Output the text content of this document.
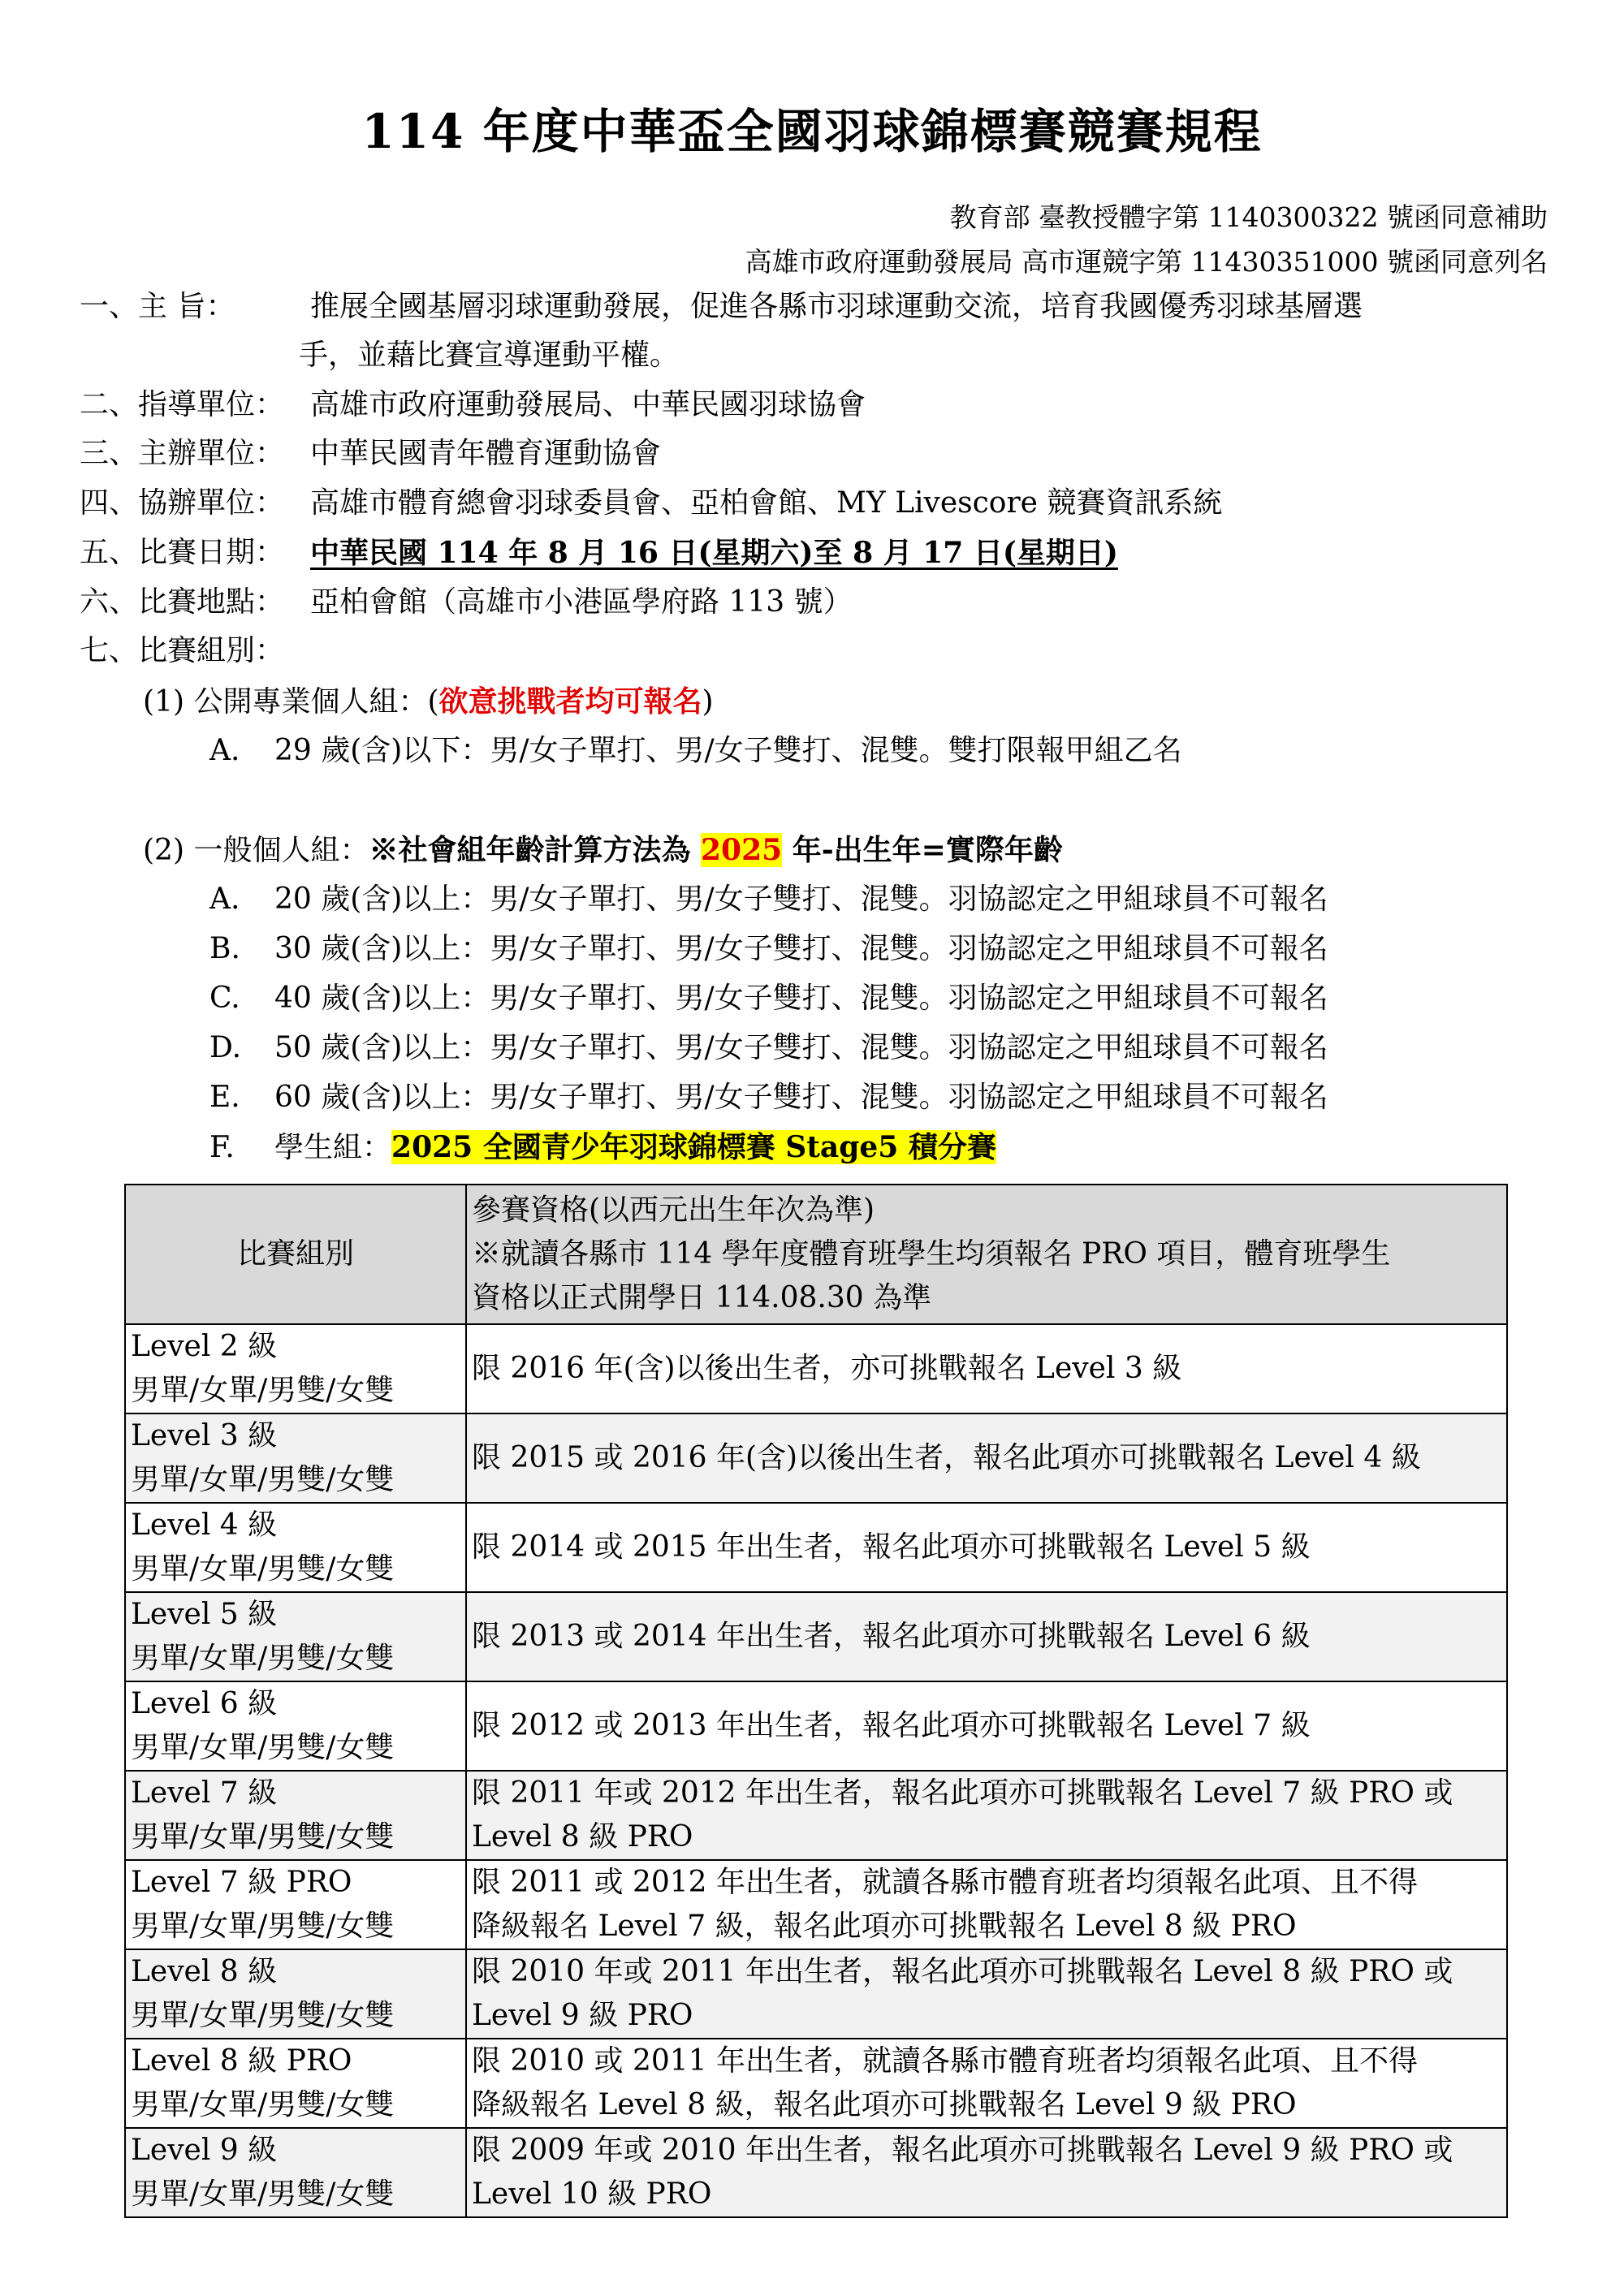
114 年度中華盃全國羽球錦標賽競賽規程
教育部 臺教授體字第 1140300322 號函同意補助
高雄市政府運動發展局 高市運競字第 11430351000 號函同意列名
一、主 旨：	推展全國基層羽球運動發展，促進各縣市羽球運動交流，培育我國優秀羽球基層選
手，並藉比賽宣導運動平權。
二、指導單位： 高雄市政府運動發展局、中華民國羽球協會
三、主辦單位： 中華民國青年體育運動協會
四、協辦單位： 高雄市體育總會羽球委員會、亞柏會館、MY Livescore 競賽資訊系統
五、比賽日期： 中華民國 114 年 8 月 16 日(星期六)至 8 月 17 日(星期日)
六、比賽地點： 亞柏會館（高雄市小港區學府路 113 號）
七、比賽組別：
(1) 公開專業個人組：(欲意挑戰者均可報名)
A. 29 歲(含)以下：男/女子單打、男/女子雙打、混雙。雙打限報甲組乙名
(2) 一般個人組：※社會組年齡計算方法為 2025 年-出生年=實際年齡
A. 20 歲(含)以上：男/女子單打、男/女子雙打、混雙。羽協認定之甲組球員不可報名
B. 30 歲(含)以上：男/女子單打、男/女子雙打、混雙。羽協認定之甲組球員不可報名
C. 40 歲(含)以上：男/女子單打、男/女子雙打、混雙。羽協認定之甲組球員不可報名
D. 50 歲(含)以上：男/女子單打、男/女子雙打、混雙。羽協認定之甲組球員不可報名
E. 60 歲(含)以上：男/女子單打、男/女子雙打、混雙。羽協認定之甲組球員不可報名
F. 學生組：2025 全國青少年羽球錦標賽 Stage5 積分賽
比賽組別	參賽資格(以西元出生年次為準)
※就讀各縣市 114 學年度體育班學生均須報名 PRO 項目，體育班學生
資格以正式開學日 114.08.30 為準

Level 2 級
男單/女單/男雙/女雙	限 2016 年(含)以後出生者，亦可挑戰報名 Level 3 級

Level 3 級
男單/女單/男雙/女雙	限 2015 或 2016 年(含)以後出生者，報名此項亦可挑戰報名 Level 4 級

Level 4 級
男單/女單/男雙/女雙	限 2014 或 2015 年出生者，報名此項亦可挑戰報名 Level 5 級

Level 5 級
男單/女單/男雙/女雙	限 2013 或 2014 年出生者，報名此項亦可挑戰報名 Level 6 級

Level 6 級
男單/女單/男雙/女雙	限 2012 或 2013 年出生者，報名此項亦可挑戰報名 Level 7 級

Level 7 級
男單/女單/男雙/女雙	限 2011 年或 2012 年出生者，報名此項亦可挑戰報名 Level 7 級 PRO 或
Level 8 級 PRO

Level 7 級 PRO
男單/女單/男雙/女雙	限 2011 或 2012 年出生者，就讀各縣市體育班者均須報名此項、且不得
降級報名 Level 7 級，報名此項亦可挑戰報名 Level 8 級 PRO

Level 8 級
男單/女單/男雙/女雙	限 2010 年或 2011 年出生者，報名此項亦可挑戰報名 Level 8 級 PRO 或
Level 9 級 PRO

Level 8 級 PRO
男單/女單/男雙/女雙	限 2010 或 2011 年出生者，就讀各縣市體育班者均須報名此項、且不得
降級報名 Level 8 級，報名此項亦可挑戰報名 Level 9 級 PRO

Level 9 級
男單/女單/男雙/女雙	限 2009 年或 2010 年出生者，報名此項亦可挑戰報名 Level 9 級 PRO 或
Level 10 級 PRO
